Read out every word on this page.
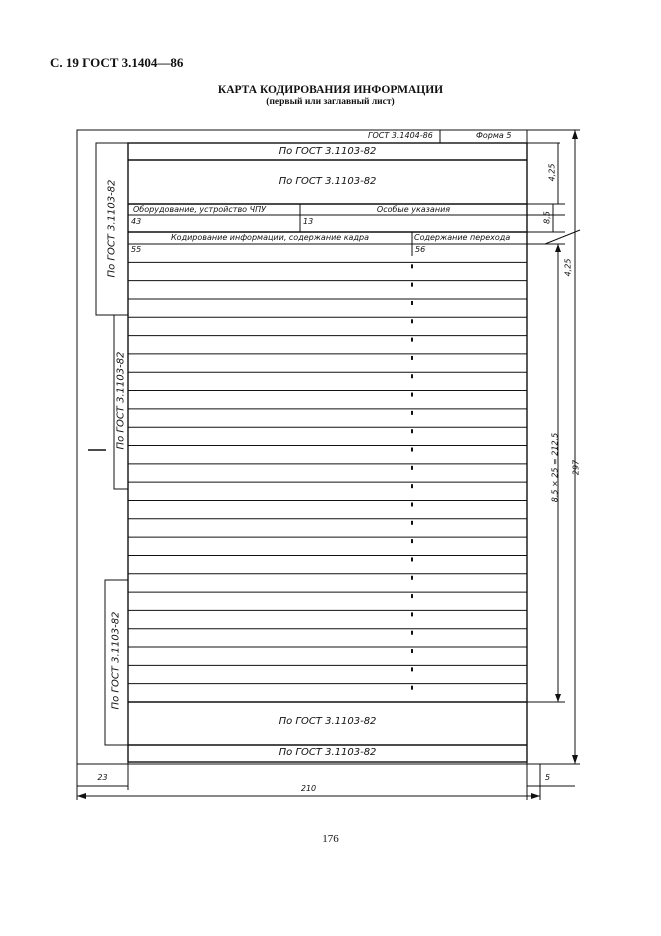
С. 19 ГОСТ 3.1404—86
КАРТА КОДИРОВАНИЯ ИНФОРМАЦИИ
(первый или заглавный лист)
ГОСТ 3.1404-86	Форма 5
По ГОСТ 3.1103-82
По ГОСТ 3.1103-82
Оборудование, устройство ЧПУ	Особые указания
43	13
Кодирование информации, содержание кадра	Содержание перехода
55	56
По ГОСТ 3.1103-82
По ГОСТ 3.1103-82
По ГОСТ 3.1103-82
По ГОСТ 3.1103-82
По ГОСТ 3.1103-82
4,25
8,5
4,25
8,5 × 25 = 212,5 297
23
210
5
176
